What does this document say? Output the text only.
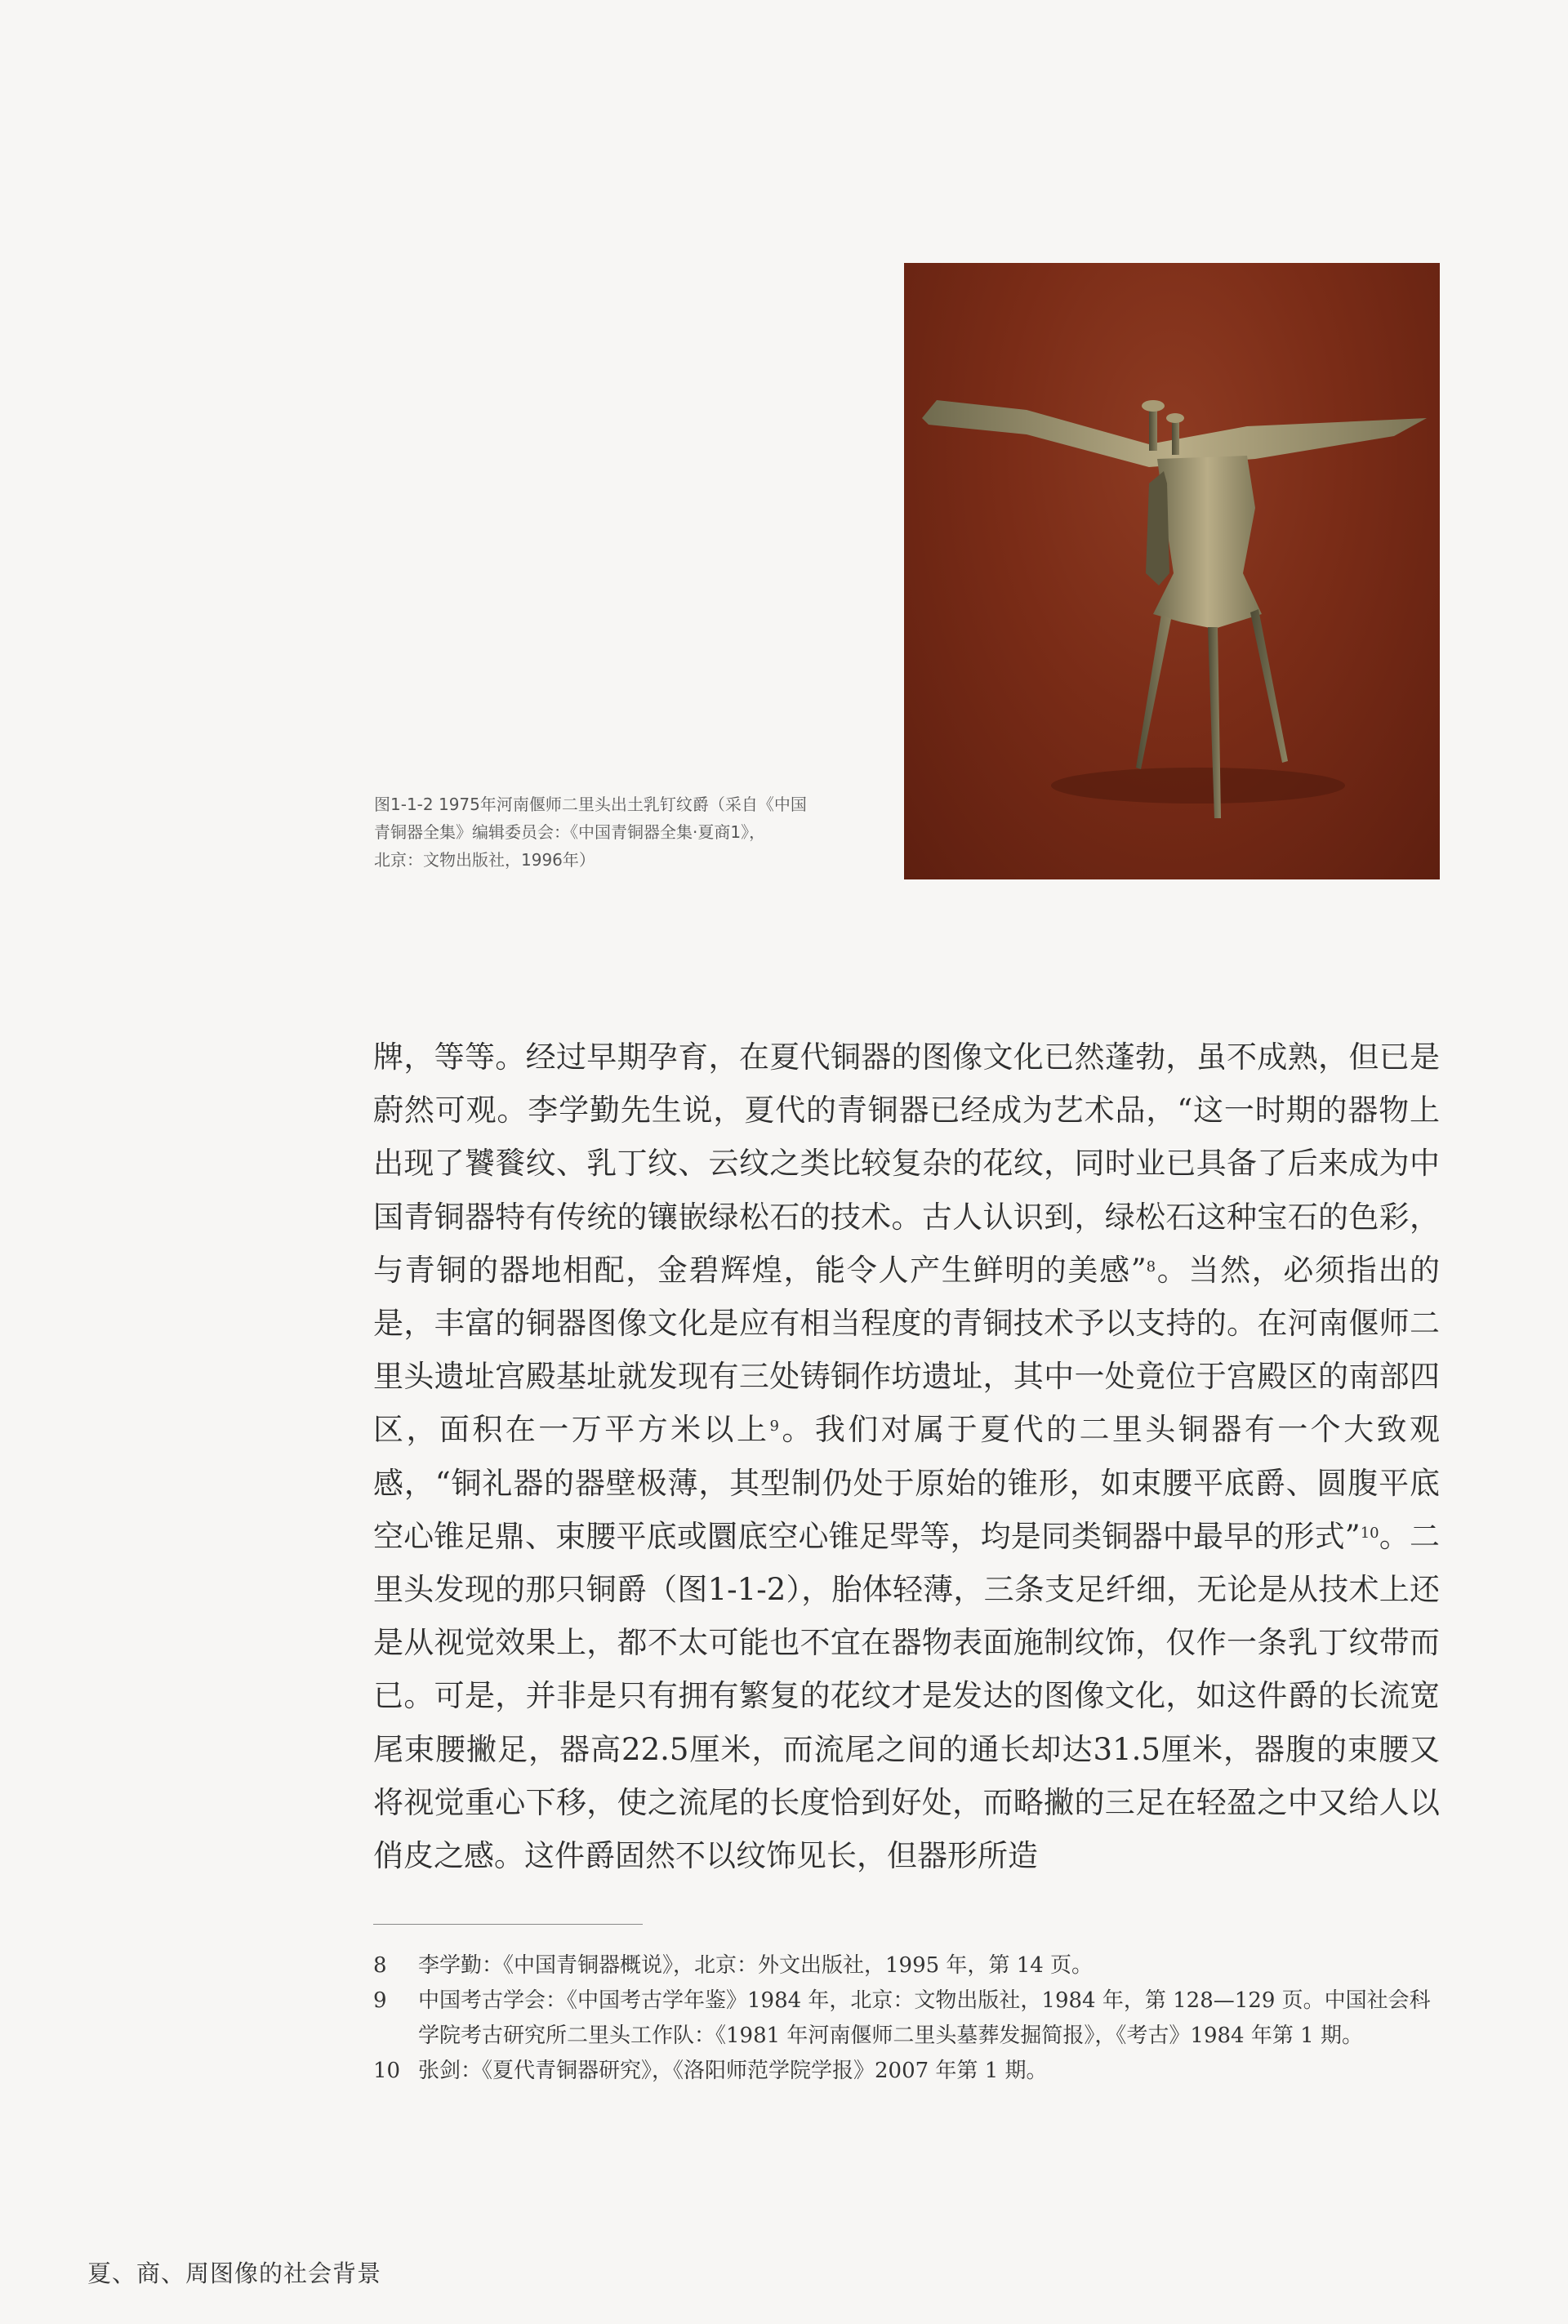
图1-1-2 1975年河南偃师二里头出土乳钉纹爵（采自《中国
青铜器全集》编辑委员会：《中国青铜器全集·夏商1》，
北京：文物出版社，1996年）

牌，等等。经过早期孕育，在夏代铜器的图像文化已然蓬勃，虽不成熟，但已是蔚然可观。李学勤先生说，夏代的青铜器已经成为艺术品，“这一时期的器物上出现了饕餮纹、乳丁纹、云纹之类比较复杂的花纹，同时业已具备了后来成为中国青铜器特有传统的镶嵌绿松石的技术。古人认识到，绿松石这种宝石的色彩，与青铜的器地相配，金碧辉煌，能令人产生鲜明的美感”$^8$。当然，必须指出的是，丰富的铜器图像文化是应有相当程度的青铜技术予以支持的。在河南偃师二里头遗址宫殿基址就发现有三处铸铜作坊遗址，其中一处竟位于宫殿区的南部四区，面积在一万平方米以上$^9$。我们对属于夏代的二里头铜器有一个大致观感，“铜礼器的器壁极薄，其型制仍处于原始的锥形，如束腰平底爵、圆腹平底空心锥足鼎、束腰平底或圜底空心锥足斝等，均是同类铜器中最早的形式”$^{10}$。二里头发现的那只铜爵（图1-1-2），胎体轻薄，三条支足纤细，无论是从技术上还是从视觉效果上，都不太可能也不宜在器物表面施制纹饰，仅作一条乳丁纹带而已。可是，并非是只有拥有繁复的花纹才是发达的图像文化，如这件爵的长流宽尾束腰撇足，器高22.5厘米，而流尾之间的通长却达31.5厘米，器腹的束腰又将视觉重心下移，使之流尾的长度恰到好处，而略撇的三足在轻盈之中又给人以俏皮之感。这件爵固然不以纹饰见长，但器形所造

8	李学勤：《中国青铜器概说》，北京：外文出版社，1995 年，第 14 页。
9	中国考古学会：《中国考古学年鉴》1984 年，北京：文物出版社，1984 年，第 128—129 页。中国社会科学院考古研究所二里头工作队：《1981 年河南偃师二里头墓葬发掘简报》，《考古》1984 年第 1 期。
10 张剑：《夏代青铜器研究》，《洛阳师范学院学报》2007 年第 1 期。
夏、商、周图像的社会背景
